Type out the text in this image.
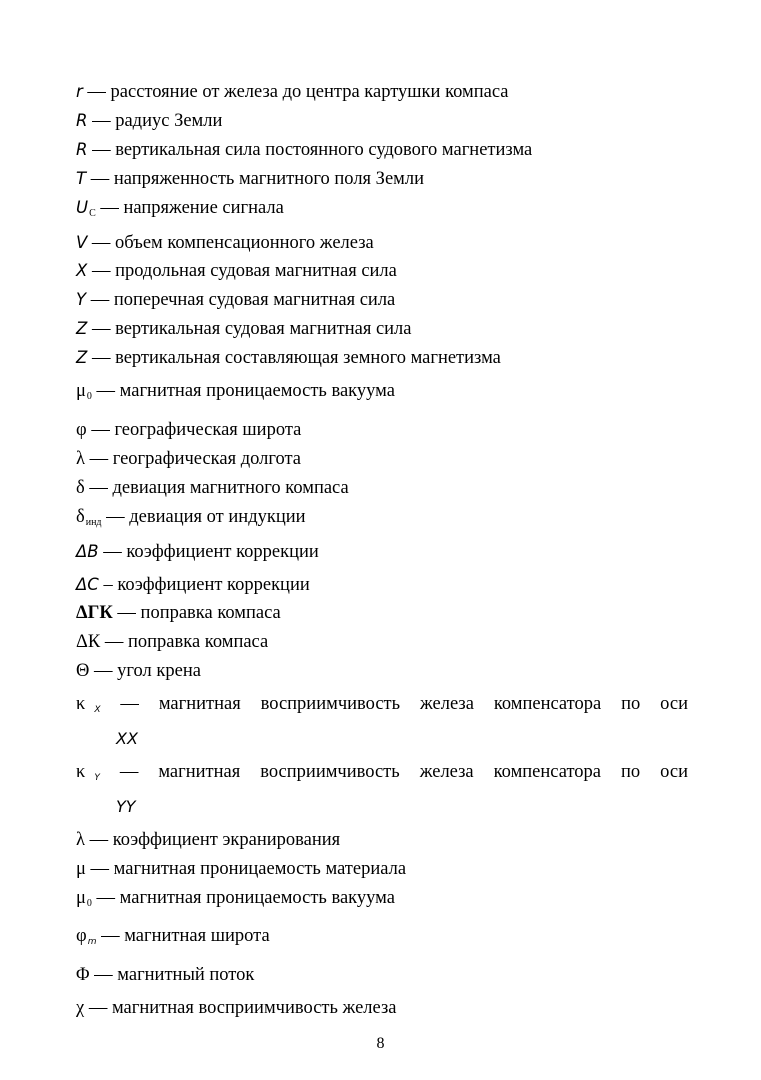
r — расстояние от железа до центра картушки компаса
R — радиус Земли
R — вертикальная сила постоянного судового магнетизма
T — напряженность магнитного поля Земли
$U_C$ — напряжение сигнала
V — объем компенсационного железа
X — продольная судовая магнитная сила
Y — поперечная судовая магнитная сила
Z — вертикальная судовая магнитная сила
Z — вертикальная составляющая земного магнетизма
$\mu_0$ — магнитная проницаемость вакуума
φ — географическая широта
λ — географическая долгота
δ — девиация магнитного компаса
$\delta_{инд}$ — девиация от индукции
ΔB — коэффициент коррекции
ΔC – коэффициент коррекции
ΔГК — поправка компаса
ΔК — поправка компаса
Θ — угол крена
κ $_X$ — магнитная восприимчивость железа компенсатора по оси
XX
κ $_Y$ — магнитная восприимчивость железа компенсатора по оси
YY
λ — коэффициент экранирования
μ — магнитная проницаемость материала
$\mu_0$ — магнитная проницаемость вакуума
$\varphi_m$ — магнитная широта
Φ — магнитный поток
χ — магнитная восприимчивость железа
8
